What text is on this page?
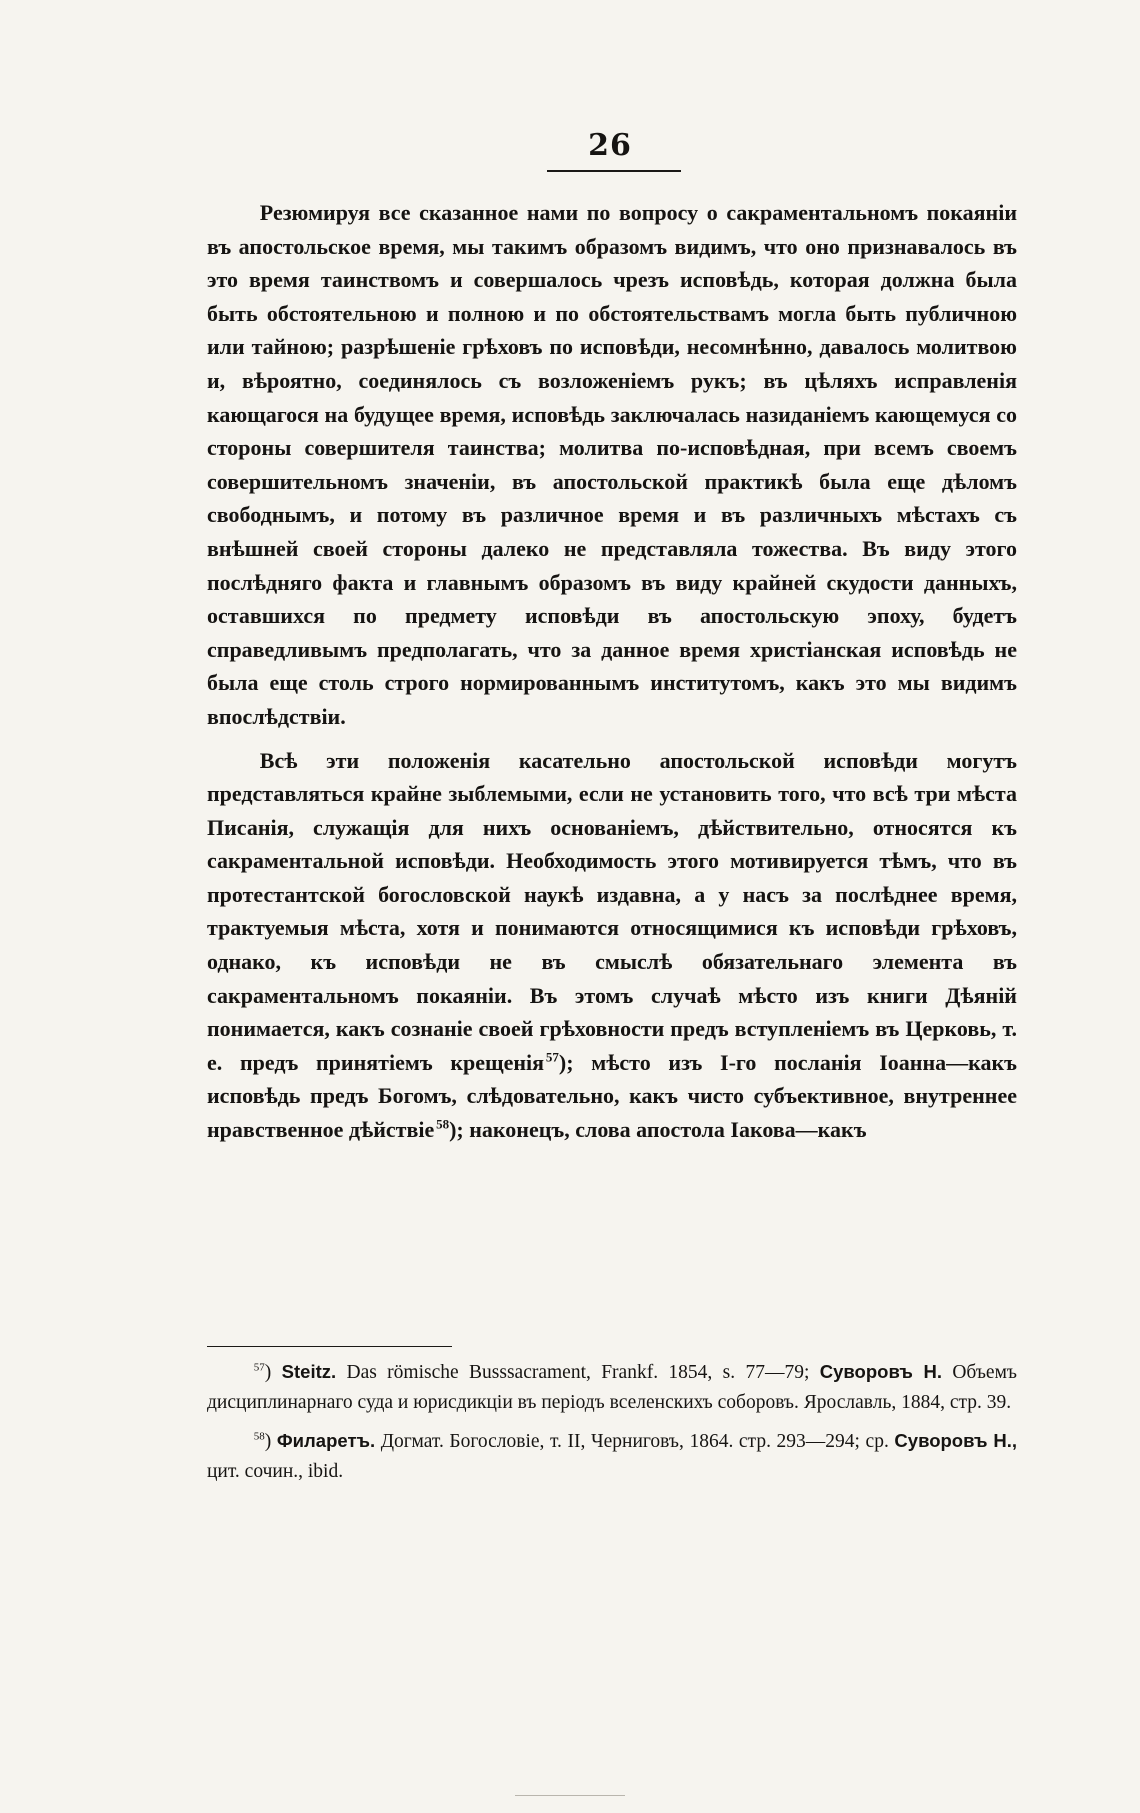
26

Резюмируя все сказанное нами по вопросу о сакраментальномъ покаяніи въ апостольское время, мы такимъ образомъ видимъ, что оно признавалось въ это время таинствомъ и совершалось чрезъ исповѣдь, которая должна была быть обстоятельною и полною и по обстоятельствамъ могла быть публичною или тайною; разрѣшеніе грѣховъ по исповѣди, несомнѣнно, давалось молитвою и, вѣроятно, соединялось съ возложеніемъ рукъ; въ цѣляхъ исправленія кающагося на будущее время, исповѣдь заключалась назиданіемъ кающемуся со стороны совершителя таинства; молитва по-исповѣдная, при всемъ своемъ совершительномъ значеніи, въ апостольской практикѣ была еще дѣломъ свободнымъ, и потому въ различное время и въ различныхъ мѣстахъ съ внѣшней своей стороны далеко не представляла тожества. Въ виду этого послѣдняго факта и главнымъ образомъ въ виду крайней скудости данныхъ, оставшихся по предмету исповѣди въ апостольскую эпоху, будетъ справедливымъ предполагать, что за данное время христіанская исповѣдь не была еще столь строго нормированнымъ институтомъ, какъ это мы видимъ впослѣдствіи.

Всѣ эти положенія касательно апостольской исповѣди могутъ представляться крайне зыблемыми, если не установить того, что всѣ три мѣста Писанія, служащія для нихъ основаніемъ, дѣйствительно, относятся къ сакраментальной исповѣди. Необходимость этого мотивируется тѣмъ, что въ протестантской богословской наукѣ издавна, а у насъ за послѣднее время, трактуемыя мѣста, хотя и понимаются относящимися къ исповѣди грѣховъ, однако, къ исповѣди не въ смыслѣ обязательнаго элемента въ сакраментальномъ покаяніи. Въ этомъ случаѣ мѣсто изъ книги Дѣяній понимается, какъ сознаніе своей грѣховности предъ вступленіемъ въ Церковь, т. е. предъ принятіемъ крещенія  $^{57}$); мѣсто изъ I-го посланія Іоанна—какъ исповѣдь предъ Богомъ, слѣдовательно, какъ чисто субъективное, внутреннее нравственное дѣйствіе  $^{58}$); наконецъ, слова апостола Іакова—какъ

$^{57}$) Steitz. Das römische Busssacrament, Frankf. 1854, s. 77—79; Суворовъ Н. Объемъ дисциплинарнаго суда и юрисдикціи въ періодъ вселенскихъ соборовъ. Ярославль, 1884, стр. 39.

$^{58}$) Филаретъ. Догмат. Богословіе, т. II, Черниговъ, 1864. стр. 293—294; ср. Суворовъ Н., цит. сочин., ibid.
